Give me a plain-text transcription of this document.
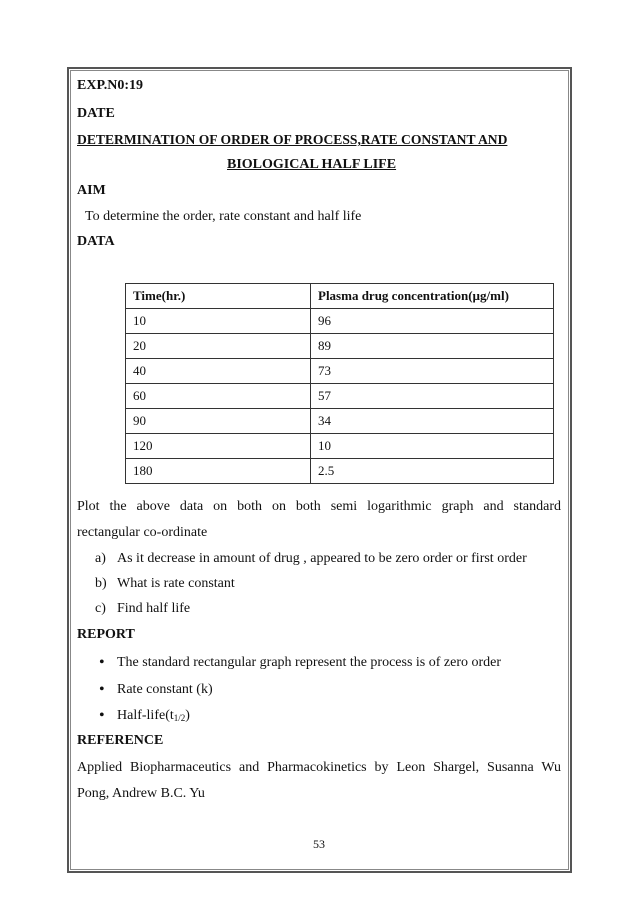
EXP.N0:19
DATE
DETERMINATION OF ORDER OF PROCESS,RATE CONSTANT AND
BIOLOGICAL HALF LIFE
AIM
To determine the order, rate constant and half life
DATA
Time(hr.)	Plasma drug concentration(µg/ml)
10	96
20	89
40	73
60	57
90	34
120	10
180	2.5
Plot the above data on both on both semi logarithmic graph and standard
rectangular co-ordinate
a) As it decrease in amount of drug , appeared to be zero order or first order
b) What is rate constant
c) Find half life
REPORT
• The standard rectangular graph represent the process is of zero order
• Rate constant (k)
• Half-$life(t_{1/2})$
REFERENCE
Applied Biopharmaceutics and Pharmacokinetics by Leon Shargel, Susanna Wu
Pong, Andrew B.C. Yu
53
